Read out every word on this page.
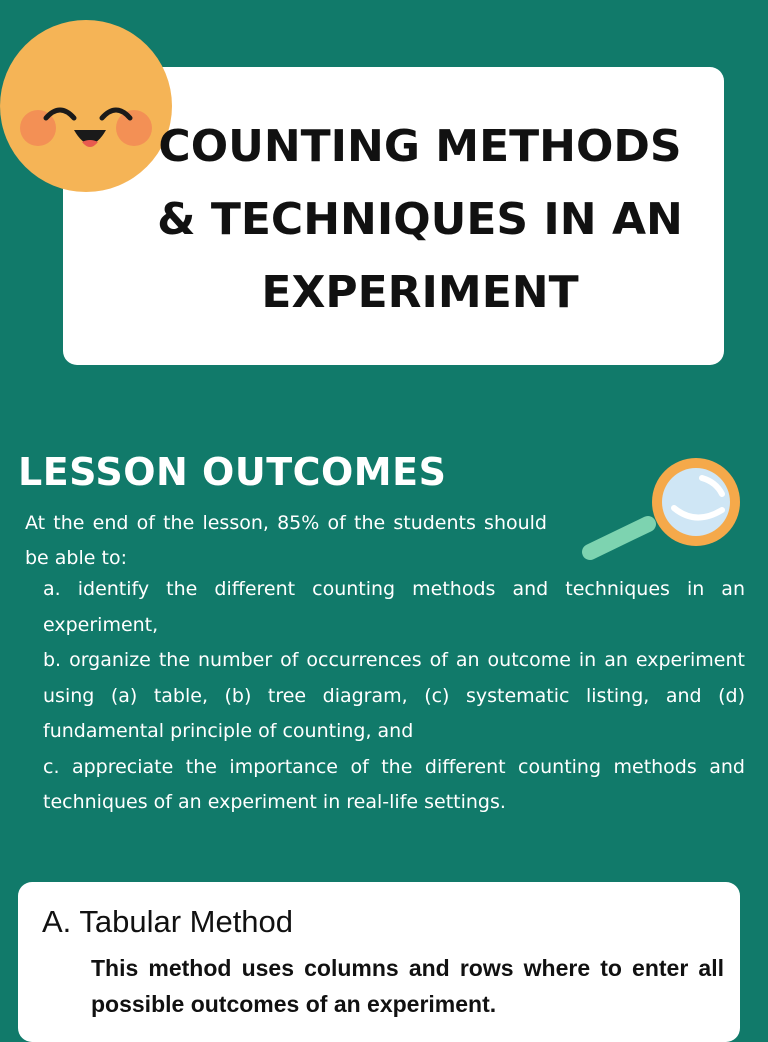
COUNTING METHODS
& TECHNIQUES IN AN
EXPERIMENT
LESSON OUTCOMES
At the end of the lesson, 85% of the students should be able to:
a. identify the different counting methods and techniques in an experiment,
b. organize the number of occurrences of an outcome in an experiment using (a) table, (b) tree diagram, (c) systematic listing, and (d) fundamental principle of counting, and
c. appreciate the importance of the different counting methods and techniques of an experiment in real-life settings.
A. Tabular Method
This method uses columns and rows where to enter all possible outcomes of an experiment.
